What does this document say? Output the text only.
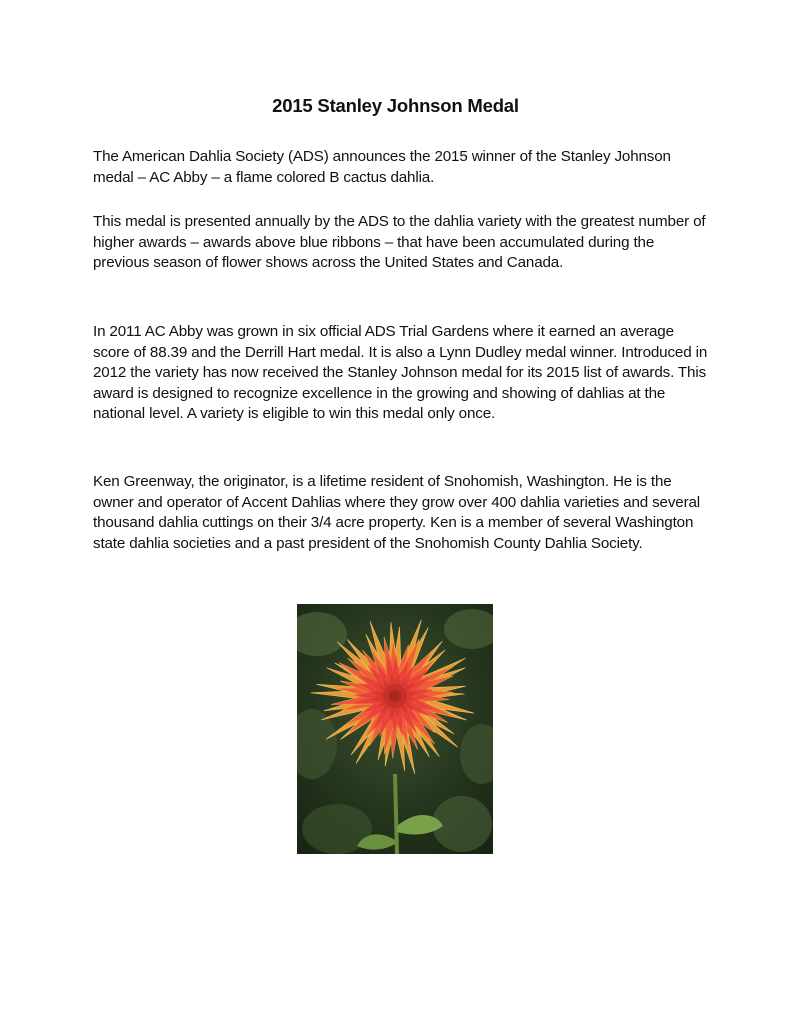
2015 Stanley Johnson Medal

The American Dahlia Society (ADS) announces the 2015 winner of the Stanley Johnson medal – AC Abby – a flame colored B cactus dahlia.

This medal is presented annually by the ADS to the dahlia variety with the greatest number of higher awards – awards above blue ribbons – that have been accumulated during the previous season of flower shows across the United States and Canada.

In 2011 AC Abby was grown in six official ADS Trial Gardens where it earned an average score of 88.39 and the Derrill Hart medal. It is also a Lynn Dudley medal winner. Introduced in 2012 the variety has now received the Stanley Johnson medal for its 2015 list of awards. This award is designed to recognize excellence in the growing and showing of dahlias at the national level. A variety is eligible to win this medal only once.

Ken Greenway, the originator, is a lifetime resident of Snohomish, Washington. He is the owner and operator of Accent Dahlias where they grow over 400 dahlia varieties and several thousand dahlia cuttings on their 3/4 acre property. Ken is a member of several Washington state dahlia societies and a past president of the Snohomish County Dahlia Society.
